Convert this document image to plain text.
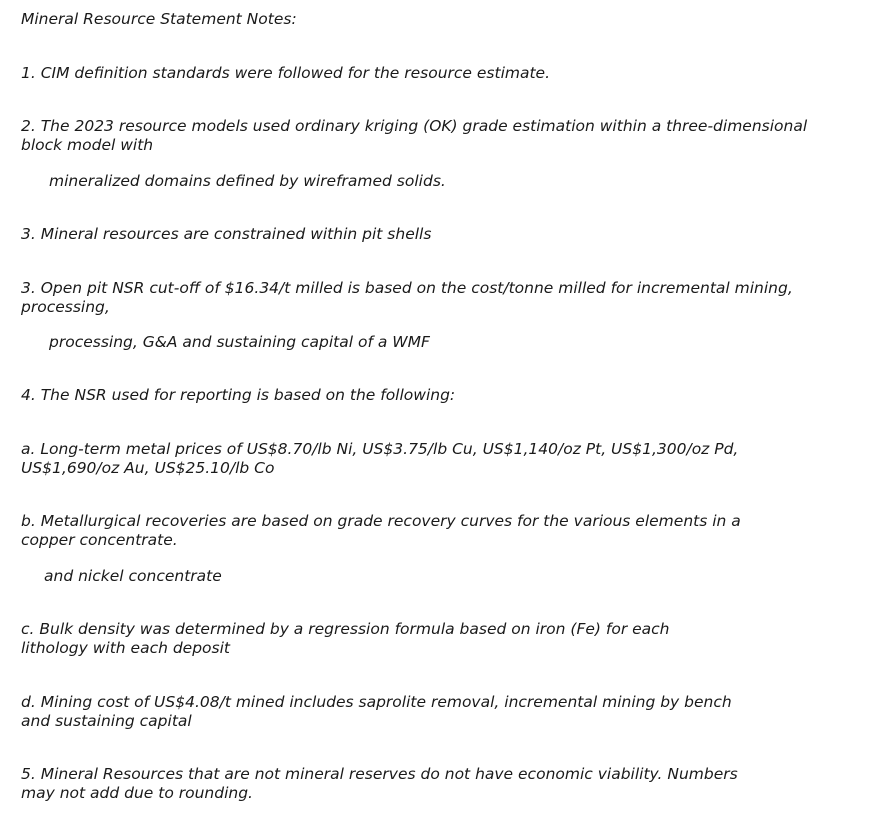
Mineral Resource Statement Notes:
1. CIM definition standards were followed for the resource estimate.
2. The 2023 resource models used ordinary kriging (OK) grade estimation within a three-dimensional
block model with
mineralized domains defined by wireframed solids.
3. Mineral resources are constrained within pit shells
3. Open pit NSR cut-off of $16.34/t milled is based on the cost/tonne milled for incremental mining,
processing,
processing, G&A and sustaining capital of a WMF
4. The NSR used for reporting is based on the following:
a. Long-term metal prices of US$8.70/lb Ni, US$3.75/lb Cu, US$1,140/oz Pt, US$1,300/oz Pd,
US$1,690/oz Au, US$25.10/lb Co
b. Metallurgical recoveries are based on grade recovery curves for the various elements in a
copper concentrate.
and nickel concentrate
c. Bulk density was determined by a regression formula based on iron (Fe) for each
lithology with each deposit
d. Mining cost of US$4.08/t mined includes saprolite removal, incremental mining by bench
and sustaining capital
5. Mineral Resources that are not mineral reserves do not have economic viability. Numbers
may not add due to rounding.
